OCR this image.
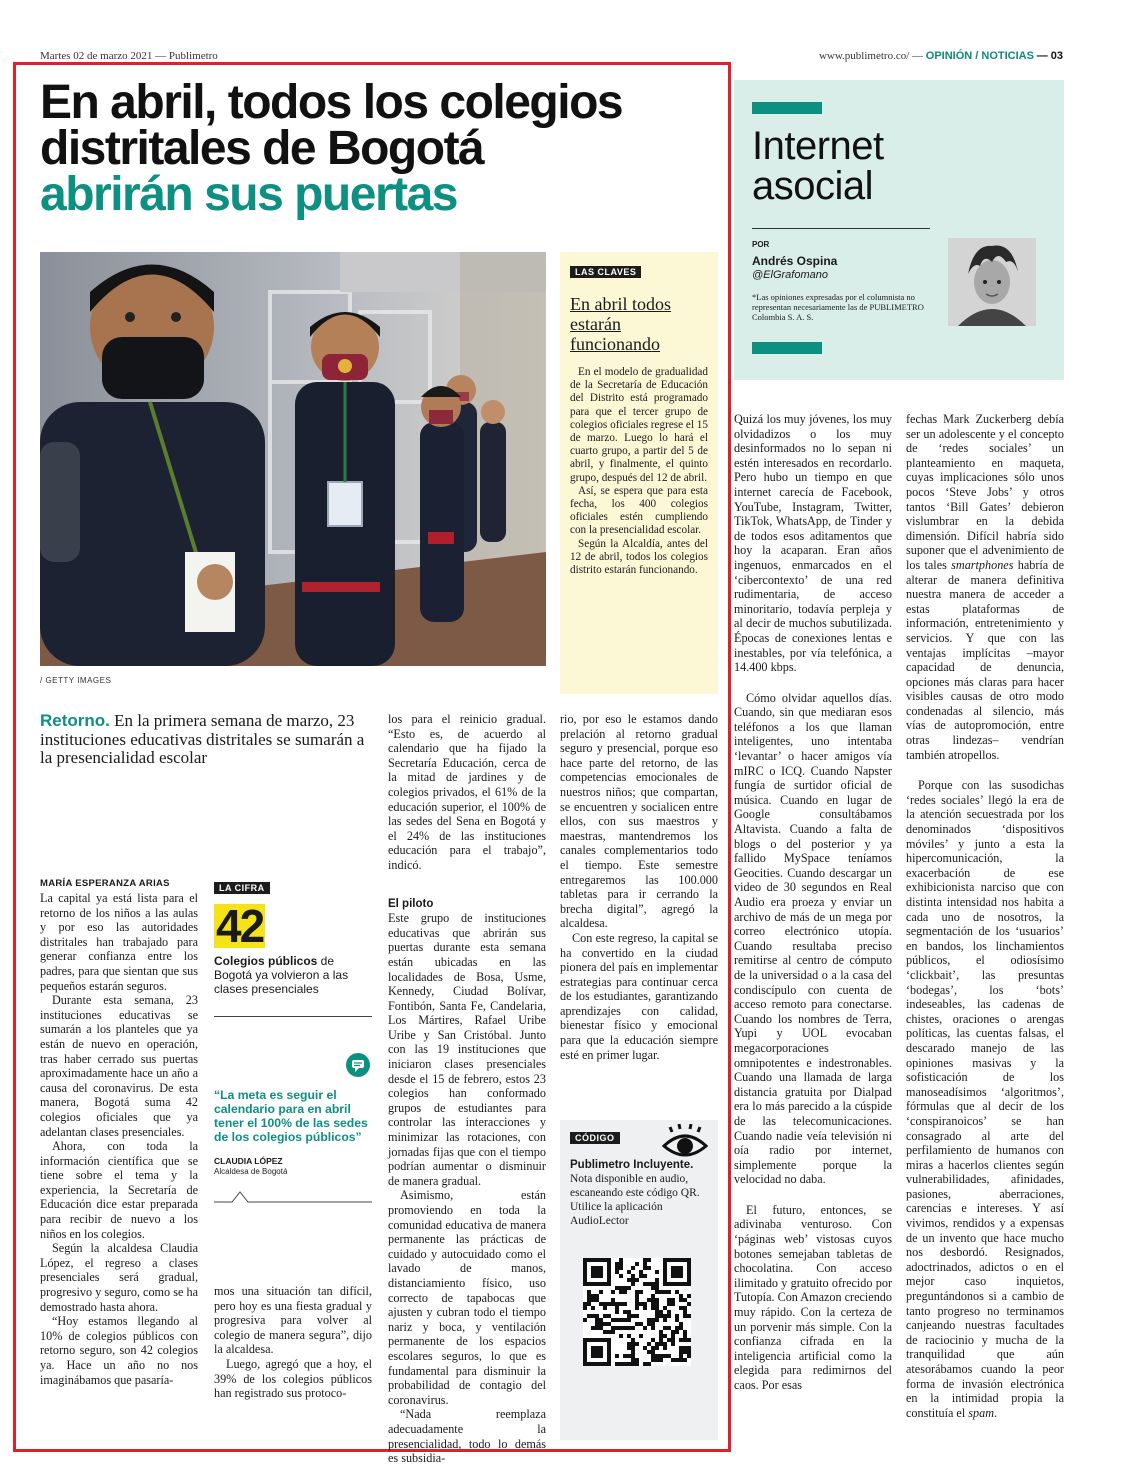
Martes 02 de marzo 2021 — Publimetro	www.publimetro.co/ — OPINIÓN / NOTICIAS — 03
En abril, todos los colegios
distritales de Bogotá
abrirán sus puertas
/ GETTY IMAGES
LAS CLAVES
En abril todos estarán funcionando

En el modelo de gradualidad de la Secretaría de Educación del Distrito está programado para que el tercer grupo de colegios oficiales regrese el 15 de marzo. Luego lo hará el cuarto grupo, a partir del 5 de abril, y finalmente, el quinto grupo, después del 12 de abril.

Así, se espera que para esta fecha, los 400 colegios oficiales estén cumpliendo con la presencialidad escolar.

Según la Alcaldía, antes del 12 de abril, todos los colegios distrito estarán funcionando.

Retorno. En la primera semana de marzo, 23 instituciones educativas distritales se sumarán a la presencialidad escolar
MARÍA ESPERANZA ARIAS

La capital ya está lista para el retorno de los niños a las aulas y por eso las autoridades distritales han trabajado para generar confianza entre los padres, para que sientan que sus pequeños estarán seguros.

Durante esta semana, 23 instituciones educativas se sumarán a los planteles que ya están de nuevo en operación, tras haber cerrado sus puertas aproximadamente hace un año a causa del coronavirus. De esta manera, Bogotá suma 42 colegios oficiales que ya adelantan clases presenciales.

Ahora, con toda la información científica que se tiene sobre el tema y la experiencia, la Secretaría de Educación dice estar preparada para recibir de nuevo a los niños en los colegios.

Según la alcaldesa Claudia López, el regreso a clases presenciales será gradual, progresivo y seguro, como se ha demostrado hasta ahora.

“Hoy estamos llegando al 10% de colegios públicos con retorno seguro, son 42 colegios ya. Hace un año no nos imaginábamos que pasaría-

LA CIFRA
42
Colegios públicos de Bogotá ya volvieron a las clases presenciales
“La meta es seguir el calendario para en abril tener el 100% de las sedes de los colegios públicos”
CLAUDIA LÓPEZ
Alcaldesa de Bogotá

mos una situación tan difícil, pero hoy es una fiesta gradual y progresiva para volver al colegio de manera segura”, dijo la alcaldesa.

Luego, agregó que a hoy, el 39% de los colegios públicos han registrado sus protoco-

los para el reinicio gradual. “Esto es, de acuerdo al calendario que ha fijado la Secretaría Educación, cerca de la mitad de jardines y de colegios privados, el 61% de la educación superior, el 100% de las sedes del Sena en Bogotá y el 24% de las instituciones educación para el trabajo”, indicó.

El piloto

Este grupo de instituciones educativas que abrirán sus puertas durante esta semana están ubicadas en las localidades de Bosa, Usme, Kennedy, Ciudad Bolívar, Fontibón, Santa Fe, Candelaria, Los Mártires, Rafael Uribe Uribe y San Cristóbal. Junto con las 19 instituciones que iniciaron clases presenciales desde el 15 de febrero, estos 23 colegios han conformado grupos de estudiantes para controlar las interacciones y minimizar las rotaciones, con jornadas fijas que con el tiempo podrían aumentar o disminuir de manera gradual.

Asimismo, están promoviendo en toda la comunidad educativa de manera permanente las prácticas de cuidado y autocuidado como el lavado de manos, distanciamiento físico, uso correcto de tapabocas que ajusten y cubran todo el tiempo nariz y boca, y ventilación permanente de los espacios escolares seguros, lo que es fundamental para disminuir la probabilidad de contagio del coronavirus.

“Nada reemplaza adecuadamente la presencialidad, todo lo demás es subsidia-

rio, por eso le estamos dando prelación al retorno gradual seguro y presencial, porque eso hace parte del retorno, de las competencias emocionales de nuestros niños; que compartan, se encuentren y socialicen entre ellos, con sus maestros y maestras, mantendremos los canales complementarios todo el tiempo. Este semestre entregaremos las 100.000 tabletas para ir cerrando la brecha digital”, agregó la alcaldesa.

Con este regreso, la capital se ha convertido en la ciudad pionera del país en implementar estrategias para continuar cerca de los estudiantes, garantizando aprendizajes con calidad, bienestar físico y emocional para que la educación siempre esté en primer lugar.

CÓDIGO
Publimetro Incluyente. Nota disponible en audio, escaneando este código QR. Utilice la aplicación AudioLector
Internet
asocial
POR
Andrés Ospina
@ElGrafomano
*Las opiniones expresadas por el columnista no representan necesariamente las de PUBLIMETRO Colombia S. A. S.

Quizá los muy jóvenes, los muy olvidadizos o los muy desinformados no lo sepan ni estén interesados en recordarlo. Pero hubo un tiempo en que internet carecía de Facebook, YouTube, Instagram, Twitter, TikTok, WhatsApp, de Tinder y de todos esos aditamentos que hoy la acaparan. Eran años ingenuos, enmarcados en el ‘cibercontexto’ de una red rudimentaria, de acceso minoritario, todavía perpleja y al decir de muchos subutilizada. Épocas de conexiones lentas e inestables, por vía telefónica, a 14.400 kbps.

Cómo olvidar aquellos días. Cuando, sin que mediaran esos teléfonos a los que llaman inteligentes, uno intentaba ‘levantar’ o hacer amigos vía mIRC o ICQ. Cuando Napster fungía de surtidor oficial de música. Cuando en lugar de Google consultábamos Altavista. Cuando a falta de blogs o del posterior y ya fallido MySpace teníamos Geocities. Cuando descargar un video de 30 segundos en Real Audio era proeza y enviar un archivo de más de un mega por correo electrónico utopía. Cuando resultaba preciso remitirse al centro de cómputo de la universidad o a la casa del condiscípulo con cuenta de acceso remoto para conectarse. Cuando los nombres de Terra, Yupi y UOL evocaban megacorporaciones omnipotentes e indestronables. Cuando una llamada de larga distancia gratuita por Dialpad era lo más parecido a la cúspide de las telecomunicaciones. Cuando nadie veía televisión ni oía radio por internet, simplemente porque la velocidad no daba.

El futuro, entonces, se adivinaba venturoso. Con ‘páginas web’ vistosas cuyos botones semejaban tabletas de chocolatina. Con acceso ilimitado y gratuito ofrecido por Tutopía. Con Amazon creciendo muy rápido. Con la certeza de un porvenir más simple. Con la confianza cifrada en la inteligencia artificial como la elegida para redimirnos del caos. Por esas

fechas Mark Zuckerberg debía ser un adolescente y el concepto de ‘redes sociales’ un planteamiento en maqueta, cuyas implicaciones sólo unos pocos ‘Steve Jobs’ y otros tantos ‘Bill Gates’ debieron vislumbrar en la debida dimensión. Difícil habría sido suponer que el advenimiento de los tales smartphones habría de alterar de manera definitiva nuestra manera de acceder a estas plataformas de información, entretenimiento y servicios. Y que con las ventajas implícitas –mayor capacidad de denuncia, opciones más claras para hacer visibles causas de otro modo condenadas al silencio, más vías de autopromoción, entre otras lindezas– vendrían también atropellos.

Porque con las susodichas ‘redes sociales’ llegó la era de la atención secuestrada por los denominados ‘dispositivos móviles’ y junto a esta la hipercomunicación, la exacerbación de ese exhibicionista narciso que con distinta intensidad nos habita a cada uno de nosotros, la segmentación de los ‘usuarios’ en bandos, los linchamientos públicos, el odiosísimo ‘clickbait’, las presuntas ‘bodegas’, los ‘bots’ indeseables, las cadenas de chistes, oraciones o arengas políticas, las cuentas falsas, el descarado manejo de las opiniones masivas y la sofisticación de los manoseadísimos ‘algoritmos’, fórmulas que al decir de los ‘conspiranoicos’ se han consagrado al arte del perfilamiento de humanos con miras a hacerlos clientes según vulnerabilidades, afinidades, pasiones, aberraciones, carencias e intereses. Y así vivimos, rendidos y a expensas de un invento que hace mucho nos desbordó. Resignados, adoctrinados, adictos o en el mejor caso inquietos, preguntándonos si a cambio de tanto progreso no terminamos canjeando nuestras facultades de raciocinio y mucha de la tranquilidad que aún atesorábamos cuando la peor forma de invasión electrónica en la intimidad propia la constituía el spam.
